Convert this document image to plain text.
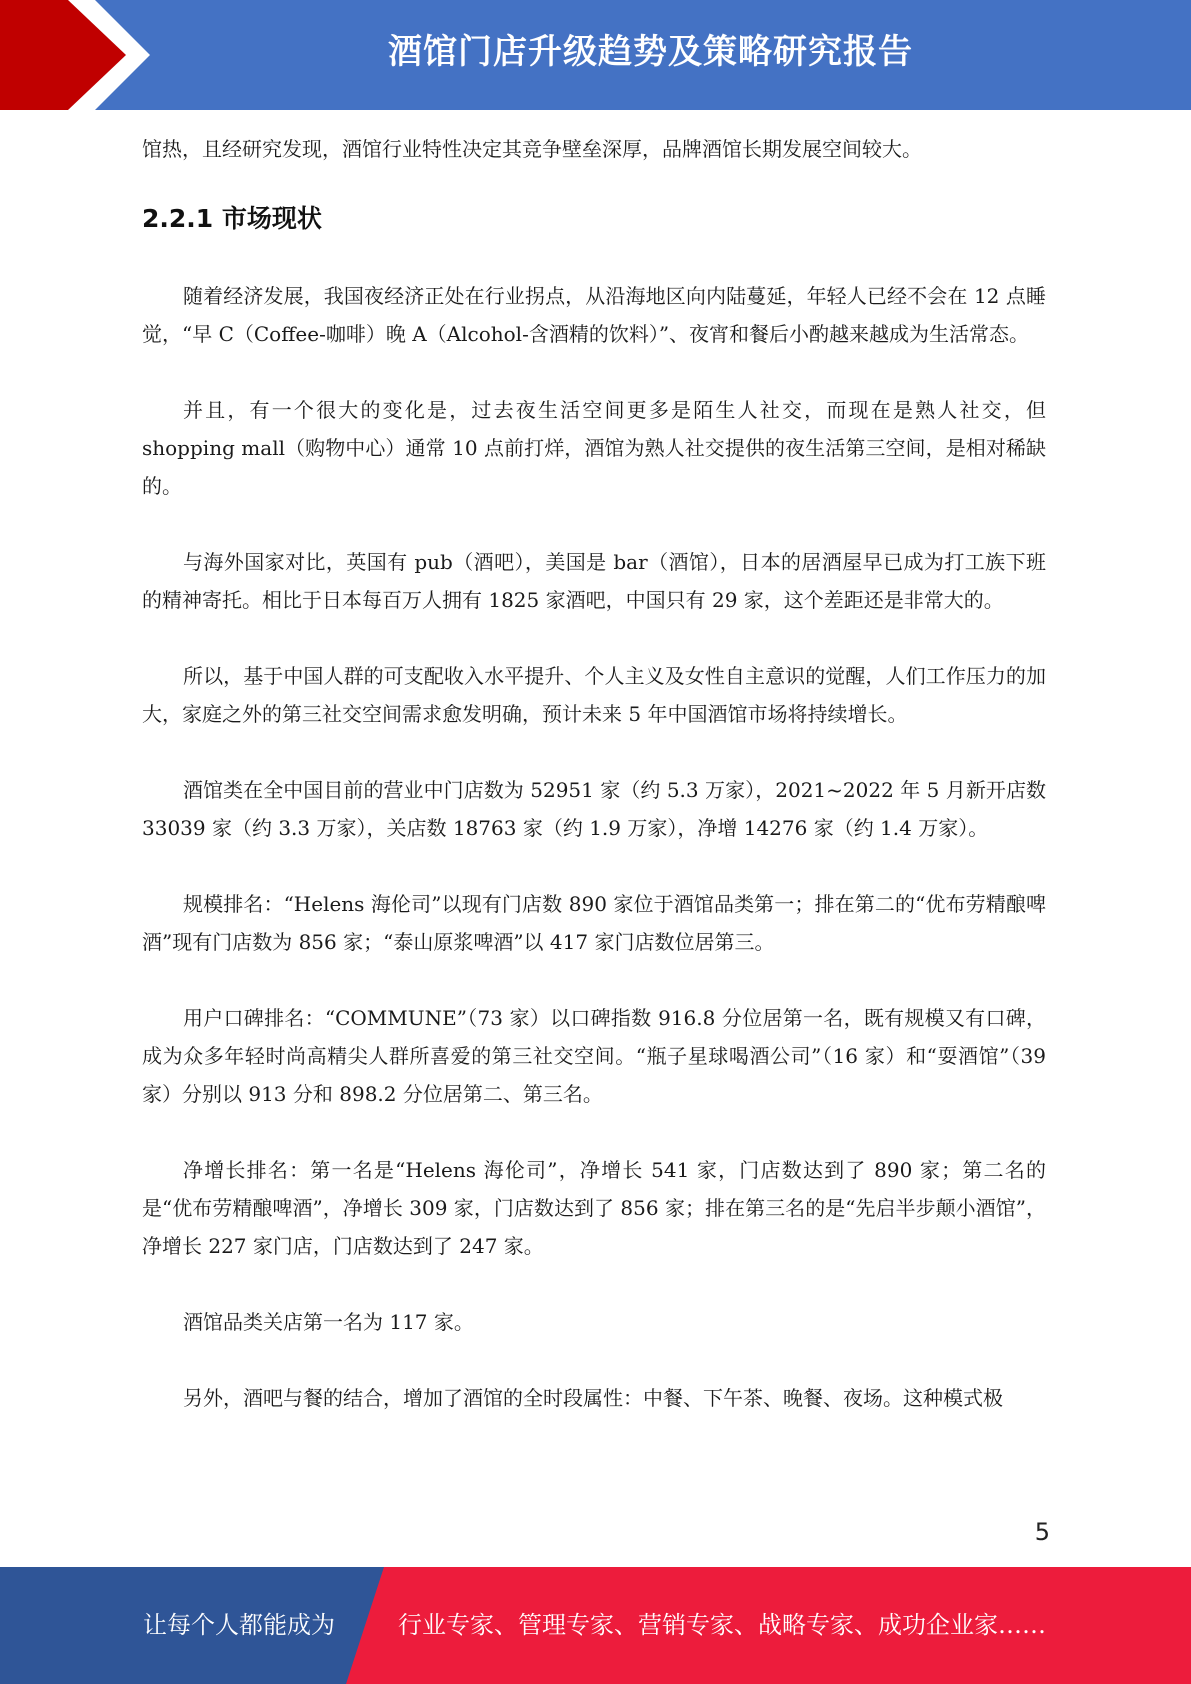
酒馆门店升级趋势及策略研究报告

馆热，且经研究发现，酒馆行业特性决定其竞争壁垒深厚，品牌酒馆长期发展空间较大。

2.2.1 市场现状

随着经济发展，我国夜经济正处在行业拐点，从沿海地区向内陆蔓延，年轻人已经不会在 12 点睡觉，“早 C（Coffee-咖啡）晚 A（Alcohol-含酒精的饮料）”、夜宵和餐后小酌越来越成为生活常态。

并且，有一个很大的变化是，过去夜生活空间更多是陌生人社交，而现在是熟人社交，但 shopping mall（购物中心）通常 10 点前打烊，酒馆为熟人社交提供的夜生活第三空间，是相对稀缺的。

与海外国家对比，英国有 pub（酒吧），美国是 bar（酒馆），日本的居酒屋早已成为打工族下班的精神寄托。相比于日本每百万人拥有 1825 家酒吧，中国只有 29 家，这个差距还是非常大的。

所以，基于中国人群的可支配收入水平提升、个人主义及女性自主意识的觉醒，人们工作压力的加大，家庭之外的第三社交空间需求愈发明确，预计未来 5 年中国酒馆市场将持续增长。

酒馆类在全中国目前的营业中门店数为 52951 家（约 5.3 万家），2021~2022 年 5 月新开店数 33039 家（约 3.3 万家），关店数 18763 家（约 1.9 万家），净增 14276 家（约 1.4 万家）。

规模排名：“Helens 海伦司”以现有门店数 890 家位于酒馆品类第一；排在第二的“优布劳精酿啤酒”现有门店数为 856 家；“泰山原浆啤酒”以 417 家门店数位居第三。

用户口碑排名：“COMMUNE”（73 家）以口碑指数 916.8 分位居第一名，既有规模又有口碑，成为众多年轻时尚高精尖人群所喜爱的第三社交空间。“瓶子星球喝酒公司”（16 家）和“耍酒馆”（39 家）分别以 913 分和 898.2 分位居第二、第三名。

净增长排名：第一名是“Helens 海伦司”，净增长 541 家，门店数达到了 890 家；第二名的是“优布劳精酿啤酒”，净增长 309 家，门店数达到了 856 家；排在第三名的是“先启半步颠小酒馆”，净增长 227 家门店，门店数达到了 247 家。

酒馆品类关店第一名为 117 家。

另外，酒吧与餐的结合，增加了酒馆的全时段属性：中餐、下午茶、晚餐、夜场。这种模式极

5
让每个人都能成为	行业专家、管理专家、营销专家、战略专家、成功企业家……
